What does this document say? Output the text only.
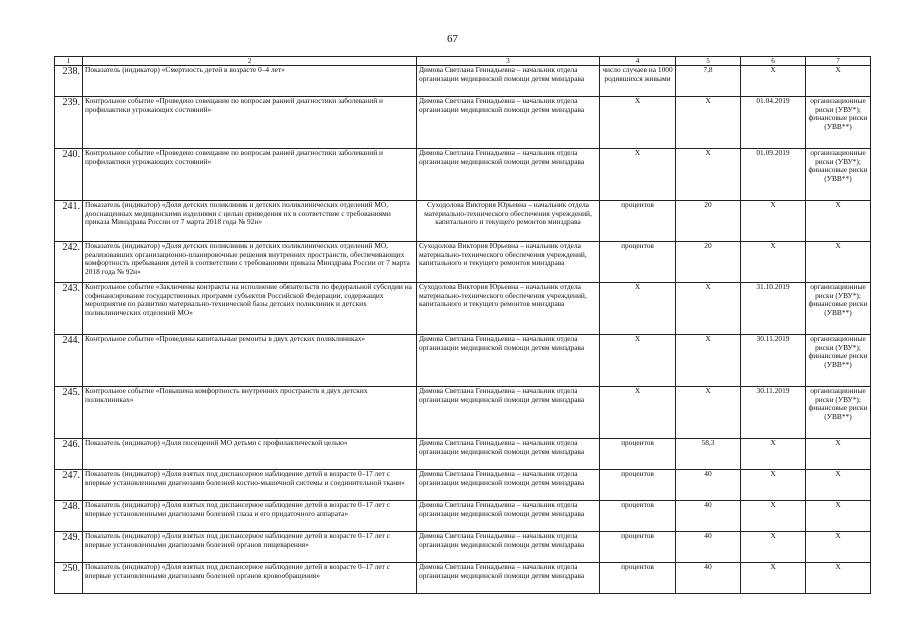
67
1	2	3	4	5	6	7
238.	Показатель (индикатор) «Смертность детей в возрасте 0–4 лет»	Димова Светлана Геннадьевна – начальник отдела организации медицинской помощи детям минздрава	число случаев на 1000 родившихся живыми	7,8	X	X
239.	Контрольное событие «Проведено совещание по вопросам ранней диагностики заболеваний и профилактики угрожающих состояний»	Димова Светлана Геннадьевна – начальник отдела организации медицинской помощи детям минздрава	X	X	01.04.2019	организационные риски (УВУ*); финансовые риски (УВВ**)
240.	Контрольное событие «Проведено совещание по вопросам ранней диагностики заболеваний и профилактики угрожающих состояний»	Димова Светлана Геннадьевна – начальник отдела организации медицинской помощи детям минздрава	X	X	01.09.2019	организационные риски (УВУ*); финансовые риски (УВВ**)
241.	Показатель (индикатор) «Доля детских поликлиник и детских поликлинических отделений МО, дооснащенных медицинскими изделиями с целью приведения их в соответствие с требованиями приказа Минздрава России от 7 марта 2018 года № 92н»	Суходолова Виктория Юрьевна – начальник отдела материально-технического обеспечения учреждений, капитального и текущего ремонтов минздрава	процентов	20	X	X
242.	Показатель (индикатор) «Доля детских поликлиник и детских поликлинических отделений МО, реализовавших организационно-планировочные решения внутренних пространств, обеспечивающих комфортность пребывания детей в соответствии с требованиями приказа Минздрава России от 7 марта 2018 года № 92н»	Суходолова Виктория Юрьевна – начальник отдела материально-технического обеспечения учреждений, капитального и текущего ремонтов минздрава	процентов	20	X	X
243.	Контрольное событие «Заключены контракты на исполнение обязательств по федеральной субсидии на софинансирование государственных программ субъектов Российской Федерации, содержащих мероприятия по развитию материально-технической базы детских поликлиник и детских поликлинических отделений МО»	Суходолова Виктория Юрьевна – начальник отдела материально-технического обеспечения учреждений, капитального и текущего ремонтов минздрава	X	X	31.10.2019	организационные риски (УВУ*); финансовые риски (УВВ**)
244.	Контрольное событие «Проведены капитальные ремонты в двух детских поликлиниках»	Димова Светлана Геннадьевна – начальник отдела организации медицинской помощи детям минздрава	X	X	30.11.2019	организационные риски (УВУ*); финансовые риски (УВВ**)
245.	Контрольное событие «Повышена комфортность внутренних пространств в двух детских поликлиниках»	Димова Светлана Геннадьевна – начальник отдела организации медицинской помощи детям минздрава	X	X	30.11.2019	организационные риски (УВУ*); финансовые риски (УВВ**)
246.	Показатель (индикатор) «Доля посещений МО детьми с профилактической целью»	Димова Светлана Геннадьевна – начальник отдела организации медицинской помощи детям минздрава	процентов	58,3	X	X
247.	Показатель (индикатор) «Доля взятых под диспансерное наблюдение детей в возрасте 0–17 лет с впервые установленными диагнозами болезней костно-мышечной системы и соединительной ткани»	Димова Светлана Геннадьевна – начальник отдела организации медицинской помощи детям минздрава	процентов	40	X	X
248.	Показатель (индикатор) «Доля взятых под диспансерное наблюдение детей в возрасте 0–17 лет с впервые установленными диагнозами болезней глаза и его придаточного аппарата»	Димова Светлана Геннадьевна – начальник отдела организации медицинской помощи детям минздрава	процентов	40	X	X
249.	Показатель (индикатор) «Доля взятых под диспансерное наблюдение детей в возрасте 0–17 лет с впервые установленными диагнозами болезней органов пищеварения»	Димова Светлана Геннадьевна – начальник отдела организации медицинской помощи детям минздрава	процентов	40	X	X
250.	Показатель (индикатор) «Доля взятых под диспансерное наблюдение детей в возрасте 0–17 лет с впервые установленными диагнозами болезней органов кровообращения»	Димова Светлана Геннадьевна – начальник отдела организации медицинской помощи детям минздрава	процентов	40	X	X
